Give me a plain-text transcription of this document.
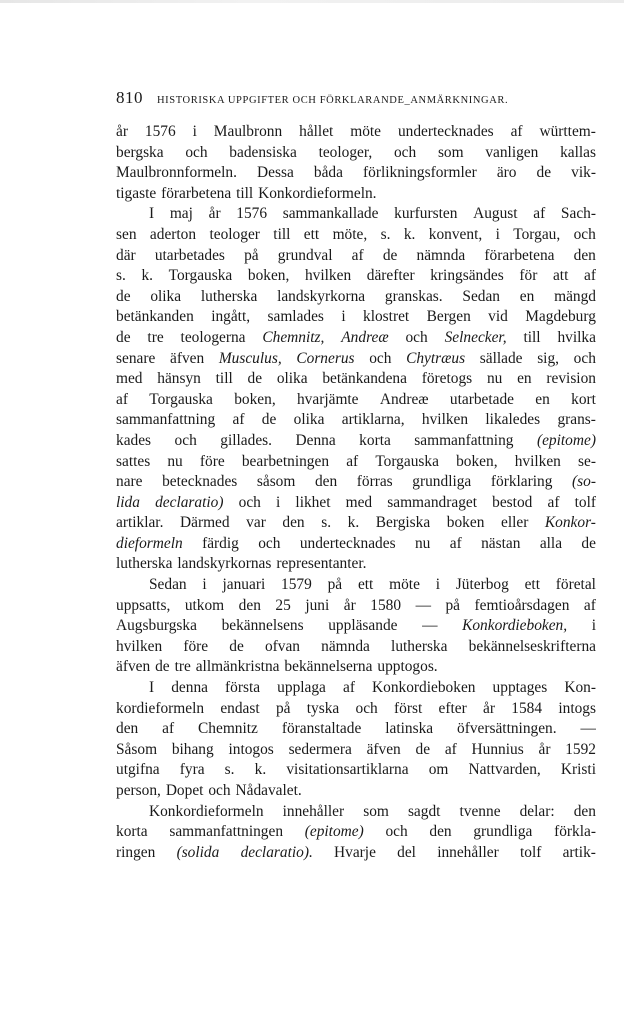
810 HISTORISKA UPPGIFTER OCH FÖRKLARANDE_ANMÄRKNINGAR.
år 1576 i Maulbronn hållet möte undertecknades af württem-
bergska och badensiska teologer, och som vanligen kallas
Maulbronnformeln. Dessa båda förlikningsformler äro de vik-
tigaste förarbetena till Konkordieformeln.
I maj år 1576 sammankallade kurfursten August af Sach-
sen aderton teologer till ett möte, s. k. konvent, i Torgau, och
där utarbetades på grundval af de nämnda förarbetena den
s. k. Torgauska boken, hvilken därefter kringsändes för att af
de olika lutherska landskyrkorna granskas. Sedan en mängd
betänkanden ingått, samlades i klostret Bergen vid Magdeburg
de tre teologerna Chemnitz, Andreæ och Selnecker, till hvilka
senare äfven Musculus, Cornerus och Chytræus sällade sig, och
med hänsyn till de olika betänkandena företogs nu en revision
af Torgauska boken, hvarjämte Andreæ utarbetade en kort
sammanfattning af de olika artiklarna, hvilken likaledes grans-
kades och gillades. Denna korta sammanfattning (epitome)
sattes nu före bearbetningen af Torgauska boken, hvilken se-
nare betecknades såsom den förras grundliga förklaring (so-
lida declaratio) och i likhet med sammandraget bestod af tolf
artiklar. Därmed var den s. k. Bergiska boken eller Konkor-
dieformeln färdig och undertecknades nu af nästan alla de
lutherska landskyrkornas representanter.
Sedan i januari 1579 på ett möte i Jüterbog ett företal
uppsatts, utkom den 25 juni år 1580 — på femtioårsdagen af
Augsburgska bekännelsens uppläsande — Konkordieboken, i
hvilken före de ofvan nämnda lutherska bekännelseskrifterna
äfven de tre allmänkristna bekännelserna upptogos.
I denna första upplaga af Konkordieboken upptages Kon-
kordieformeln endast på tyska och först efter år 1584 intogs
den af Chemnitz föranstaltade latinska öfversättningen. —
Såsom bihang intogos sedermera äfven de af Hunnius år 1592
utgifna fyra s. k. visitationsartiklarna om Nattvarden, Kristi
person, Dopet och Nådavalet.
Konkordieformeln innehåller som sagdt tvenne delar: den
korta sammanfattningen (epitome) och den grundliga förkla-
ringen (solida declaratio). Hvarje del innehåller tolf artik-
